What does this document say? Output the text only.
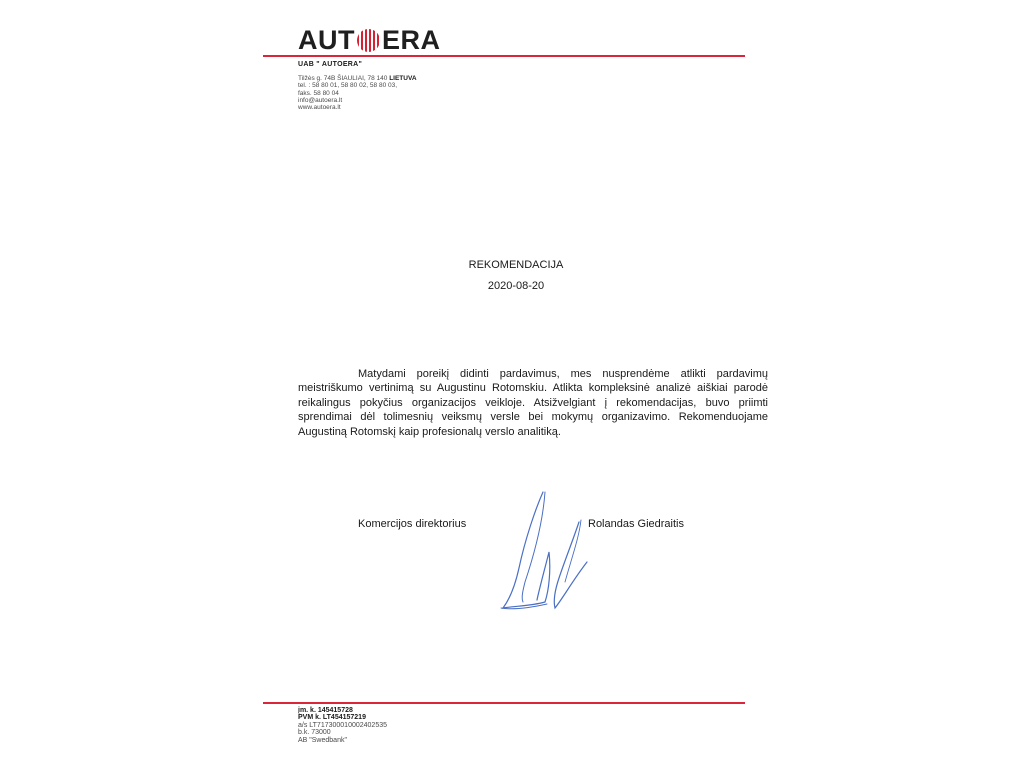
AUT ERA
UAB " AUTOERA"
Tilžės g. 74B ŠIAULIAI, 78 140 LIETUVA
tel. : 58 80 01, 58 80 02, 58 80 03,
faks. 58 80 04
info@autoera.lt
www.autoera.lt
REKOMENDACIJA
2020-08-20
Matydami poreikį didinti pardavimus, mes nusprendėme atlikti pardavimų meistriškumo vertinimą su Augustinu Rotomskiu. Atlikta kompleksinė analizė aiškiai parodė reikalingus pokyčius organizacijos veikloje. Atsižvelgiant į rekomendacijas, buvo priimti sprendimai dėl tolimesnių veiksmų versle bei mokymų organizavimo. Rekomenduojame Augustiną Rotomskį kaip profesionalų verslo analitiką.
Komercijos direktorius	Rolandas Giedraitis
įm. k. 145415728
PVM k. LT454157219
a/s LT717300010002402535
b.k. 73000
AB "Swedbank"
